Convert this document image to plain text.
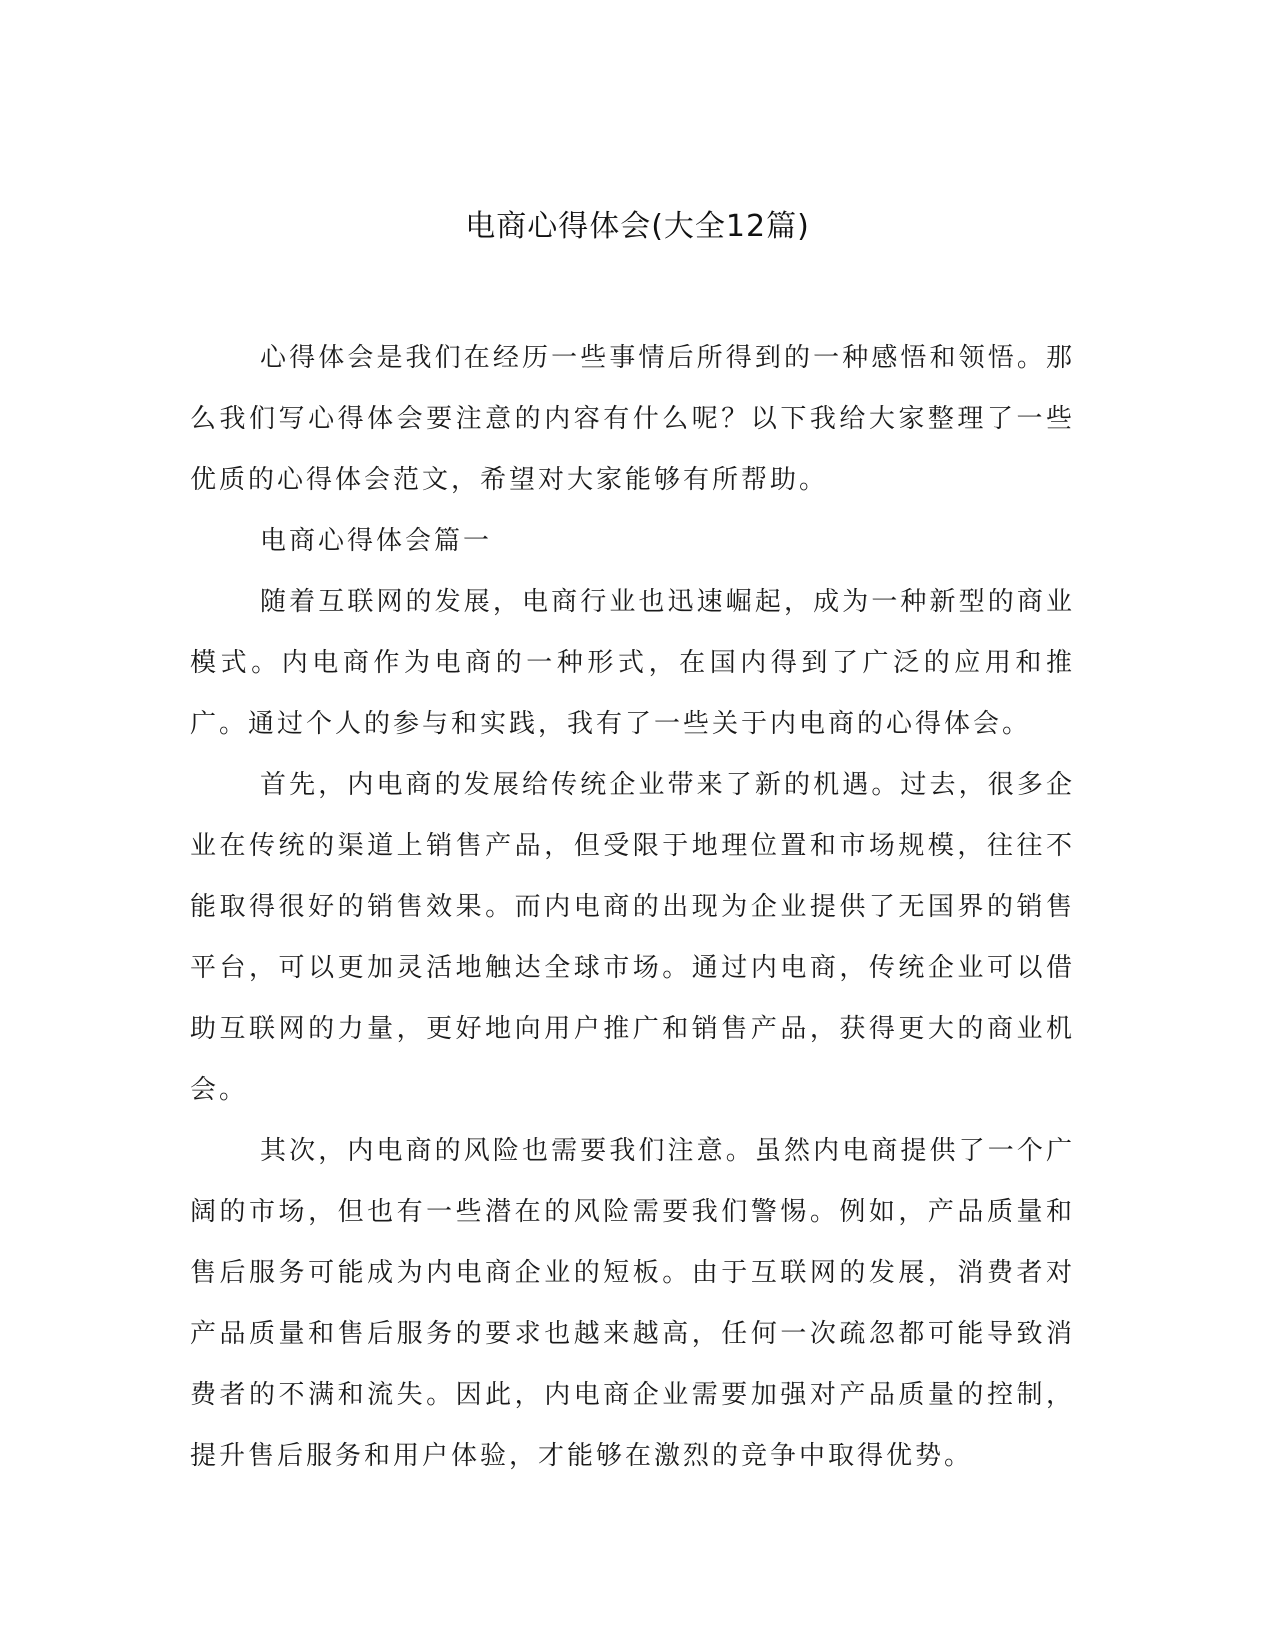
电商心得体会(大全12篇)

心得体会是我们在经历一些事情后所得到的一种感悟和领悟。那么我们写心得体会要注意的内容有什么呢？以下我给大家整理了一些优质的心得体会范文，希望对大家能够有所帮助。

电商心得体会篇一

随着互联网的发展，电商行业也迅速崛起，成为一种新型的商业模式。内电商作为电商的一种形式，在国内得到了广泛的应用和推广。通过个人的参与和实践，我有了一些关于内电商的心得体会。

首先，内电商的发展给传统企业带来了新的机遇。过去，很多企业在传统的渠道上销售产品，但受限于地理位置和市场规模，往往不能取得很好的销售效果。而内电商的出现为企业提供了无国界的销售平台，可以更加灵活地触达全球市场。通过内电商，传统企业可以借助互联网的力量，更好地向用户推广和销售产品，获得更大的商业机会。

其次，内电商的风险也需要我们注意。虽然内电商提供了一个广阔的市场，但也有一些潜在的风险需要我们警惕。例如，产品质量和售后服务可能成为内电商企业的短板。由于互联网的发展，消费者对产品质量和售后服务的要求也越来越高，任何一次疏忽都可能导致消费者的不满和流失。因此，内电商企业需要加强对产品质量的控制，提升售后服务和用户体验，才能够在激烈的竞争中取得优势。
